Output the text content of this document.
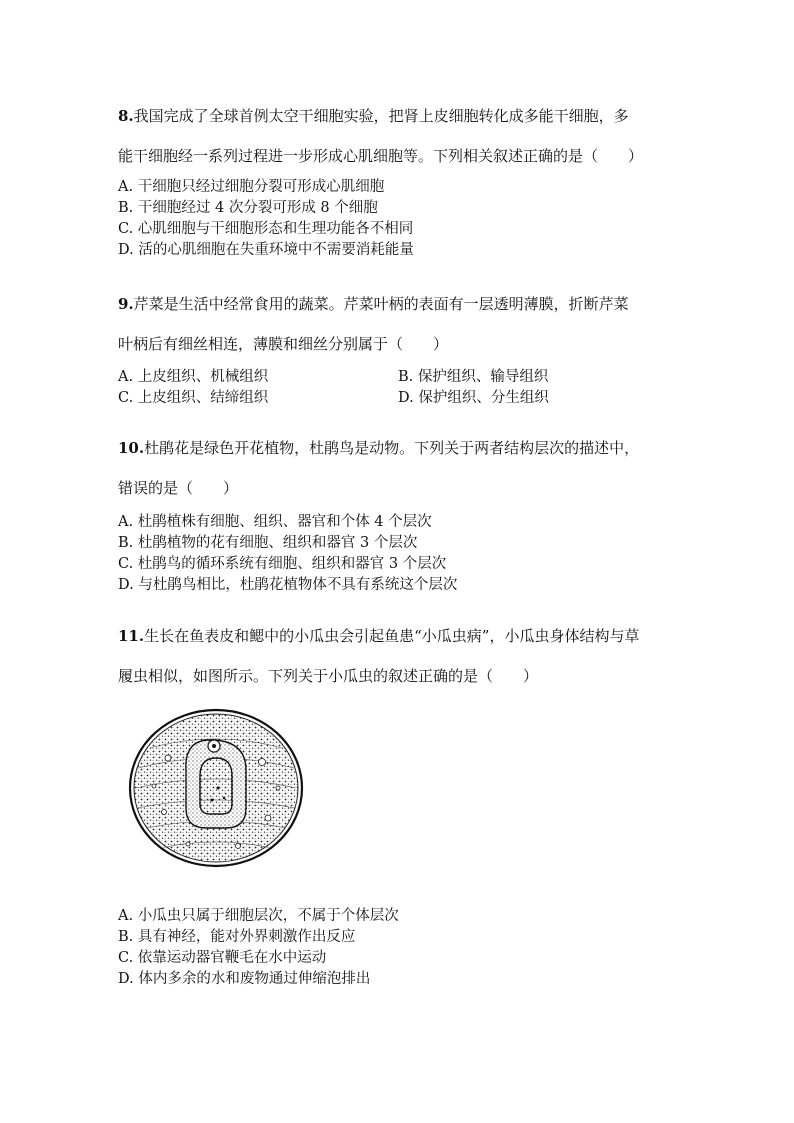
8.我国完成了全球首例太空干细胞实验，把肾上皮细胞转化成多能干细胞，多
能干细胞经一系列过程进一步形成心肌细胞等。下列相关叙述正确的是（　　）
A. 干细胞只经过细胞分裂可形成心肌细胞
B. 干细胞经过 4 次分裂可形成 8 个细胞
C. 心肌细胞与干细胞形态和生理功能各不相同
D. 活的心肌细胞在失重环境中不需要消耗能量
9.芹菜是生活中经常食用的蔬菜。芹菜叶柄的表面有一层透明薄膜，折断芹菜
叶柄后有细丝相连，薄膜和细丝分别属于（　　）
A. 上皮组织、机械组织	B. 保护组织、输导组织
C. 上皮组织、结缔组织	D. 保护组织、分生组织
10.杜鹃花是绿色开花植物，杜鹃鸟是动物。下列关于两者结构层次的描述中，
错误的是（　　）
A. 杜鹃植株有细胞、组织、器官和个体 4 个层次
B. 杜鹃植物的花有细胞、组织和器官 3 个层次
C. 杜鹃鸟的循环系统有细胞、组织和器官 3 个层次
D. 与杜鹃鸟相比，杜鹃花植物体不具有系统这个层次
11.生长在鱼表皮和鳃中的小瓜虫会引起鱼患“小瓜虫病”，小瓜虫身体结构与草
履虫相似，如图所示。下列关于小瓜虫的叙述正确的是（　　）
A. 小瓜虫只属于细胞层次，不属于个体层次
B. 具有神经，能对外界刺激作出反应
C. 依靠运动器官鞭毛在水中运动
D. 体内多余的水和废物通过伸缩泡排出
